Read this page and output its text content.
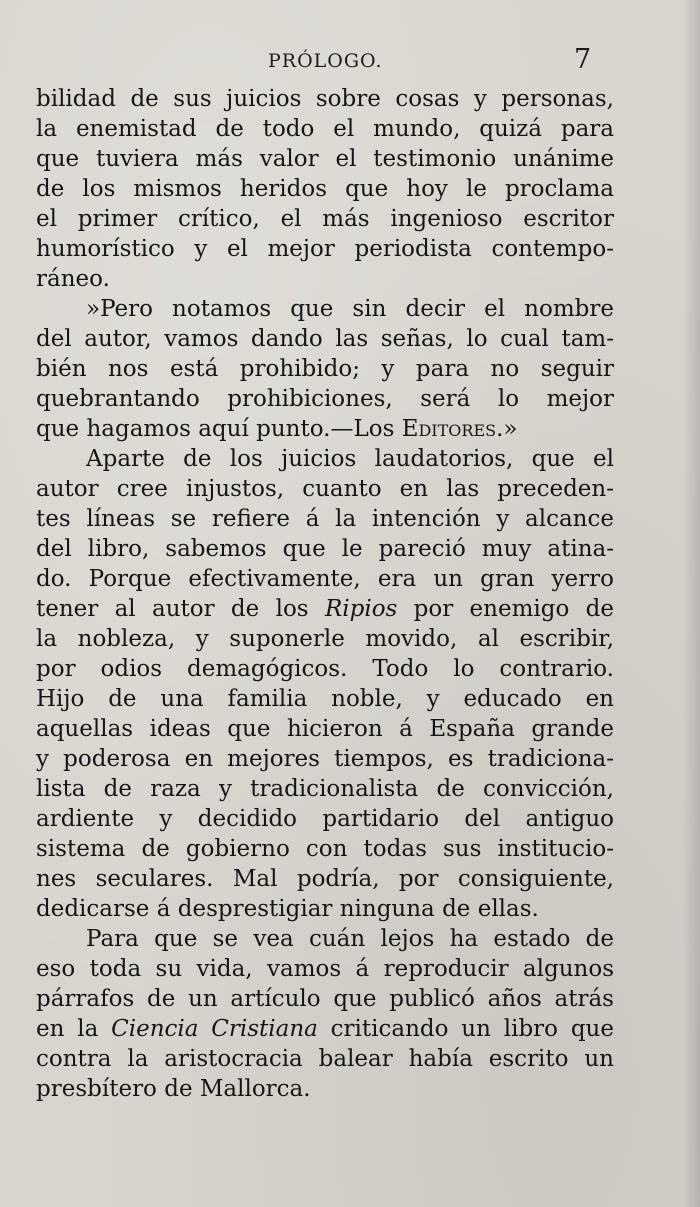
PRÓLOGO.	7
bilidad de sus juicios sobre cosas y personas,
la enemistad de todo el mundo, quizá para
que tuviera más valor el testimonio unánime
de los mismos heridos que hoy le proclama
el primer crítico, el más ingenioso escritor
humorístico y el mejor periodista contempo-
ráneo.
»Pero notamos que sin decir el nombre
del autor, vamos dando las señas, lo cual tam-
bién nos está prohibido; y para no seguir
quebrantando prohibiciones, será lo mejor
que hagamos aquí punto.—Los Editores.»
Aparte de los juicios laudatorios, que el
autor cree injustos, cuanto en las preceden-
tes líneas se refiere á la intención y alcance
del libro, sabemos que le pareció muy atina-
do. Porque efectivamente, era un gran yerro
tener al autor de los Ripios por enemigo de
la nobleza, y suponerle movido, al escribir,
por odios demagógicos. Todo lo contrario.
Hijo de una familia noble, y educado en
aquellas ideas que hicieron á España grande
y poderosa en mejores tiempos, es tradiciona-
lista de raza y tradicionalista de convicción,
ardiente y decidido partidario del antiguo
sistema de gobierno con todas sus institucio-
nes seculares. Mal podría, por consiguiente,
dedicarse á desprestigiar ninguna de ellas.
Para que se vea cuán lejos ha estado de
eso toda su vida, vamos á reproducir algunos
párrafos de un artículo que publicó años atrás
en la Ciencia Cristiana criticando un libro que
contra la aristocracia balear había escrito un
presbítero de Mallorca.
